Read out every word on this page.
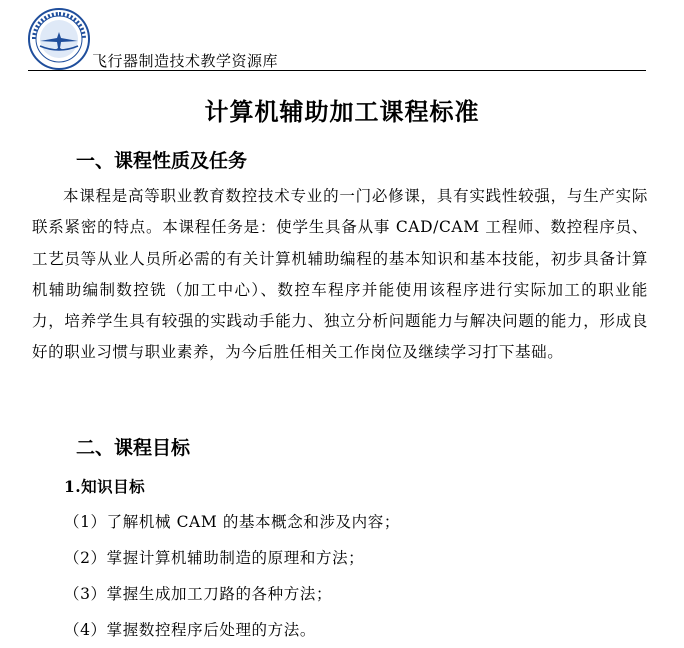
飞行器制造技术教学资源库
计算机辅助加工课程标准
一、课程性质及任务
本课程是高等职业教育数控技术专业的一门必修课，具有实践性较强，与生产实际联系紧密的特点。本课程任务是：使学生具备从事 CAD/CAM 工程师、数控程序员、工艺员等从业人员所必需的有关计算机辅助编程的基本知识和基本技能，初步具备计算机辅助编制数控铣（加工中心）、数控车程序并能使用该程序进行实际加工的职业能力，培养学生具有较强的实践动手能力、独立分析问题能力与解决问题的能力，形成良好的职业习惯与职业素养，为今后胜任相关工作岗位及继续学习打下基础。
二、课程目标
1.知识目标
（1）了解机械 CAM 的基本概念和涉及内容；
（2）掌握计算机辅助制造的原理和方法；
（3）掌握生成加工刀路的各种方法；
（4）掌握数控程序后处理的方法。
